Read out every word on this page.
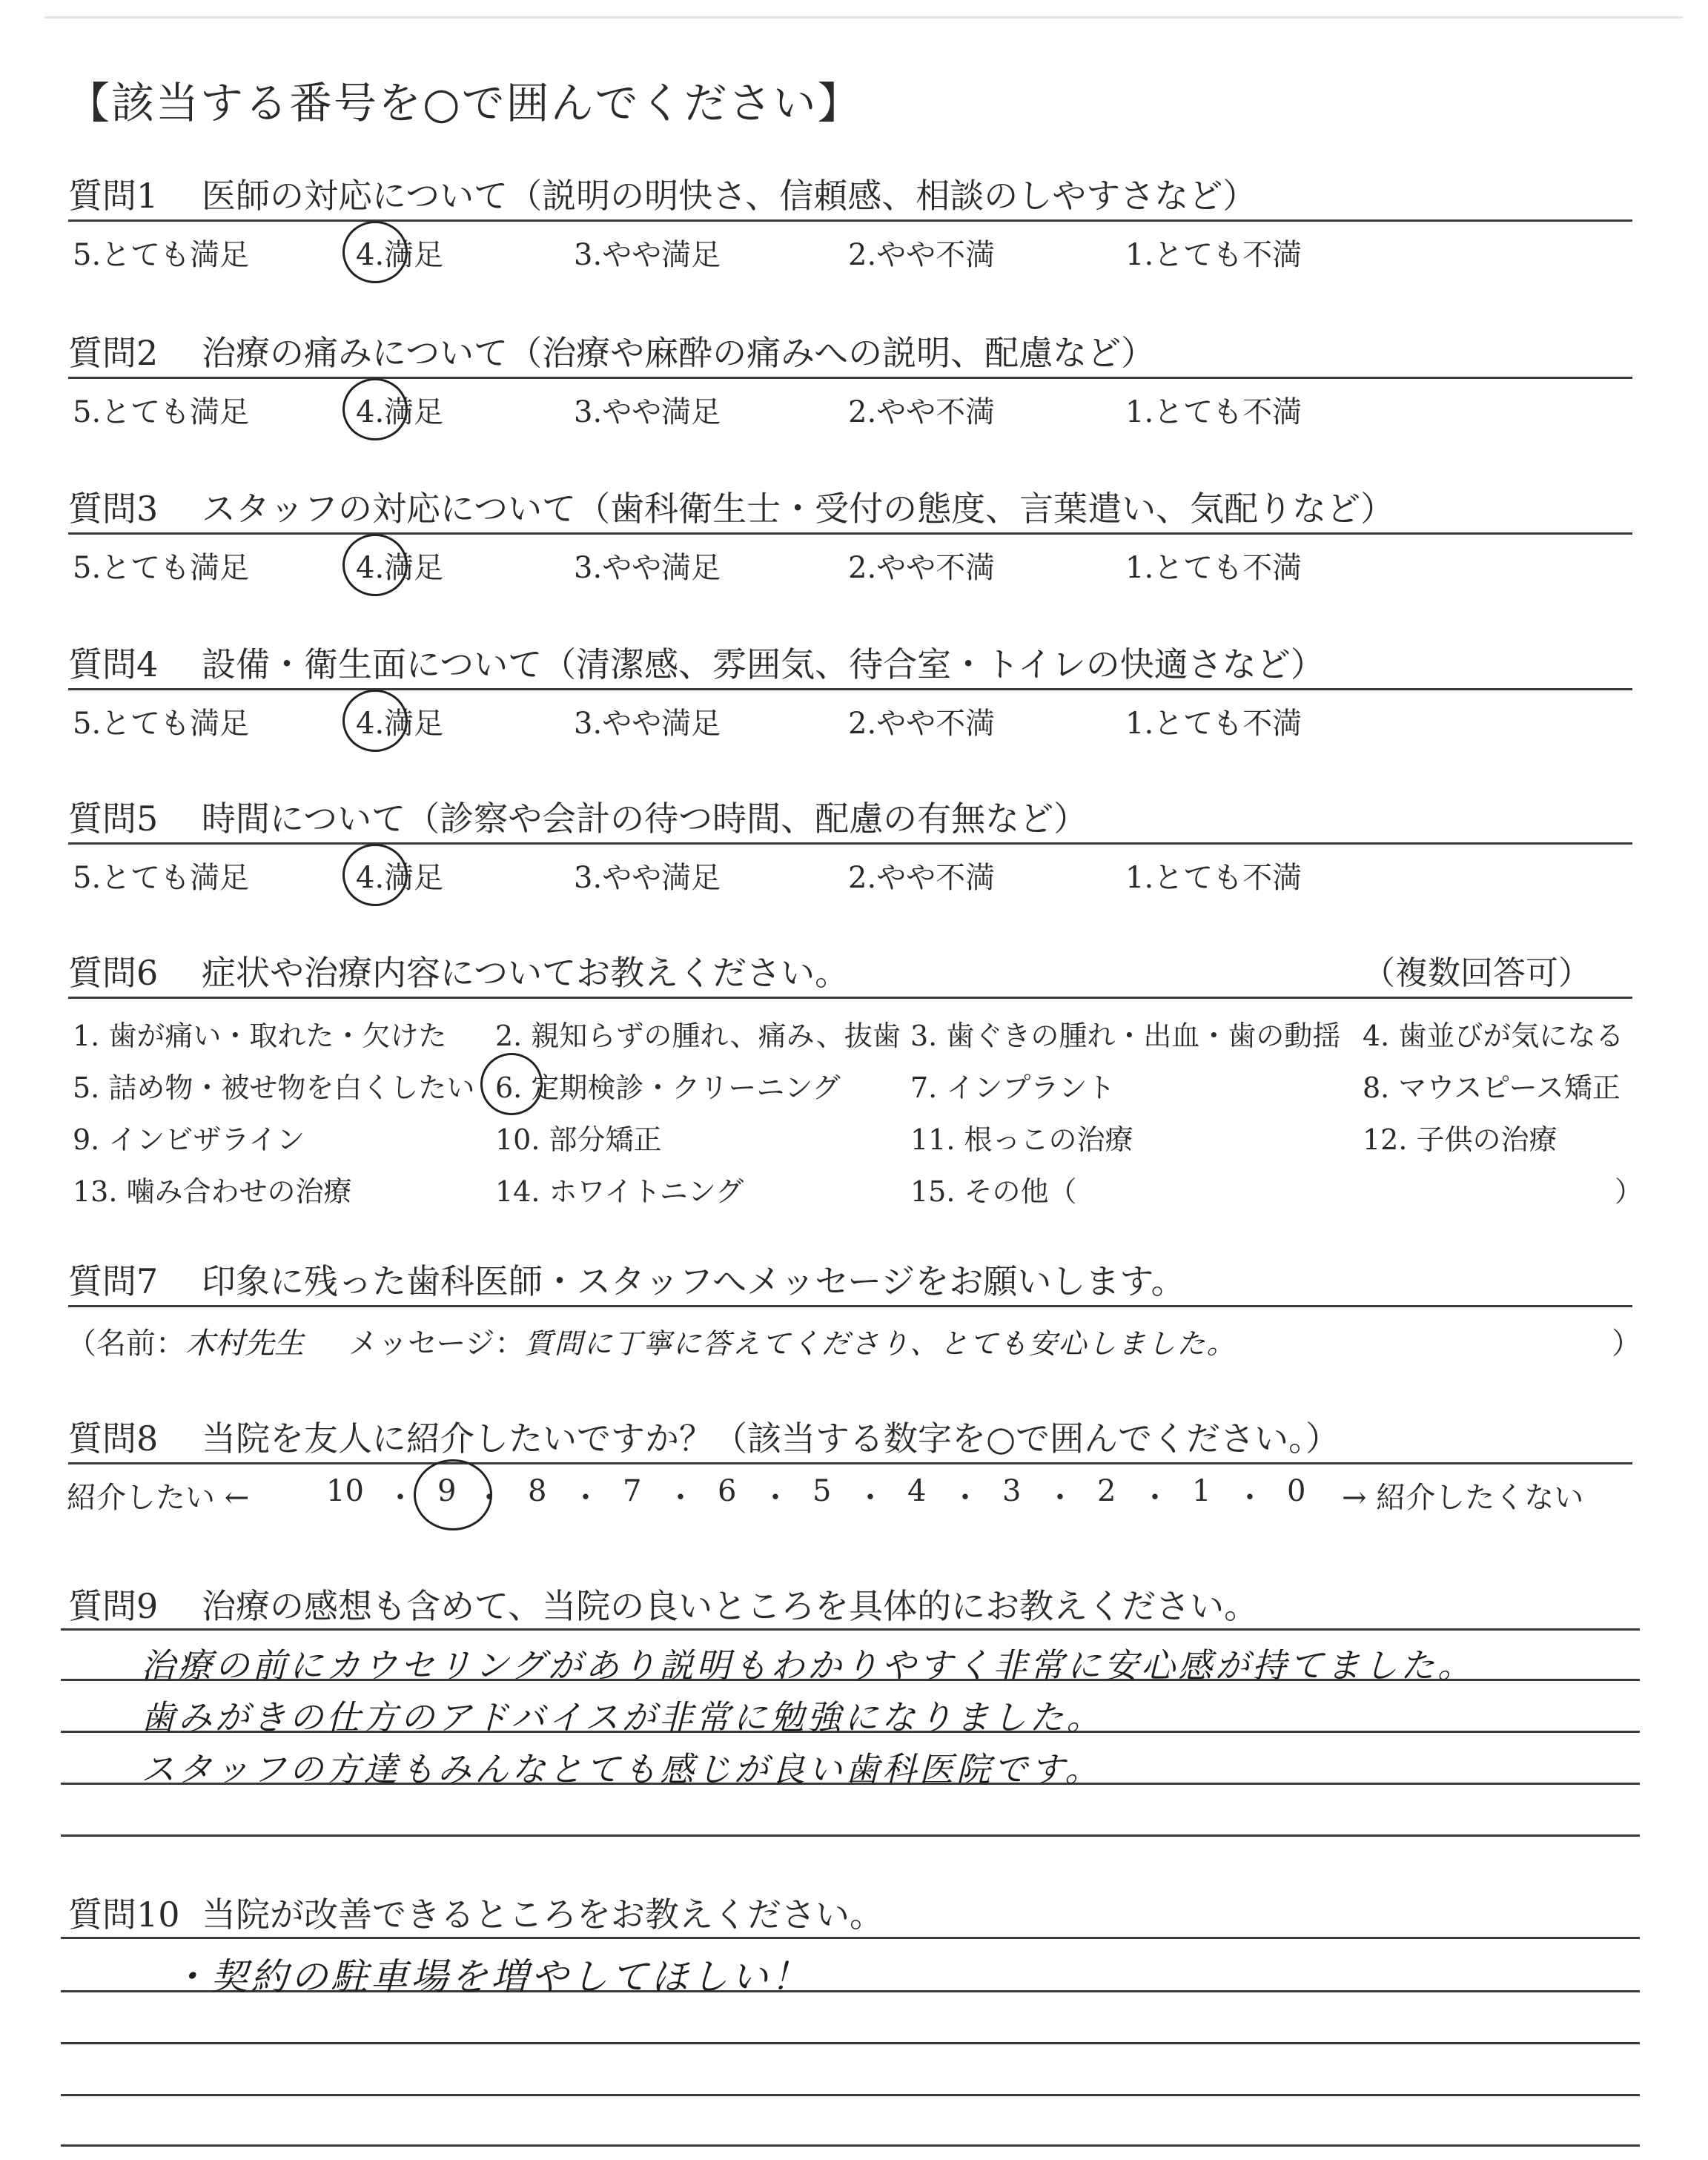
【該当する番号を○で囲んでください】
質問1 医師の対応について（説明の明快さ、信頼感、相談のしやすさなど）
5.とても満足	4.満足	3.やや満足	2.やや不満	1.とても不満
質問2 治療の痛みについて（治療や麻酔の痛みへの説明、配慮など）
5.とても満足	4.満足	3.やや満足	2.やや不満	1.とても不満
質問3 スタッフの対応について（歯科衛生士・受付の態度、言葉遣い、気配りなど）
5.とても満足	4.満足	3.やや満足	2.やや不満	1.とても不満
質問4 設備・衛生面について（清潔感、雰囲気、待合室・トイレの快適さなど）
5.とても満足	4.満足	3.やや満足	2.やや不満	1.とても不満
質問5 時間について（診察や会計の待つ時間、配慮の有無など）
5.とても満足	4.満足	3.やや満足	2.やや不満	1.とても不満
質問6 症状や治療内容についてお教えください。	（複数回答可）
1. 歯が痛い・取れた・欠けた 2. 親知らずの腫れ、痛み、抜歯 3. 歯ぐきの腫れ・出血・歯の動揺 4. 歯並びが気になる
5. 詰め物・被せ物を白くしたい 6. 定期検診・クリーニング 7. インプラント	8. マウスピース矯正
9. インビザライン	10. 部分矯正	11. 根っこの治療	12. 子供の治療
13. 噛み合わせの治療	14. ホワイトニング	15. その他（	）
質問7 印象に残った歯科医師・スタッフへメッセージをお願いします。
（名前：木村先生 メッセージ：質問に丁寧に答えてくださり、とても安心しました。	）
質問8 当院を友人に紹介したいですか？（該当する数字を○で囲んでください。）
紹介したい ←	10 ・ 9 ・ 8 ・ 7 ・ 6 ・ 5 ・ 4 ・ 3 ・ 2 ・ 1 ・ 0 → 紹介したくない
質問9 治療の感想も含めて、当院の良いところを具体的にお教えください。
治療の前にカウセリングがあり説明もわかりやすく非常に安心感が持てました。
歯みがきの仕方のアドバイスが非常に勉強になりました。
スタッフの方達もみんなとても感じが良い歯科医院です。
質問10 当院が改善できるところをお教えください。
・契約の駐車場を増やしてほしい！
